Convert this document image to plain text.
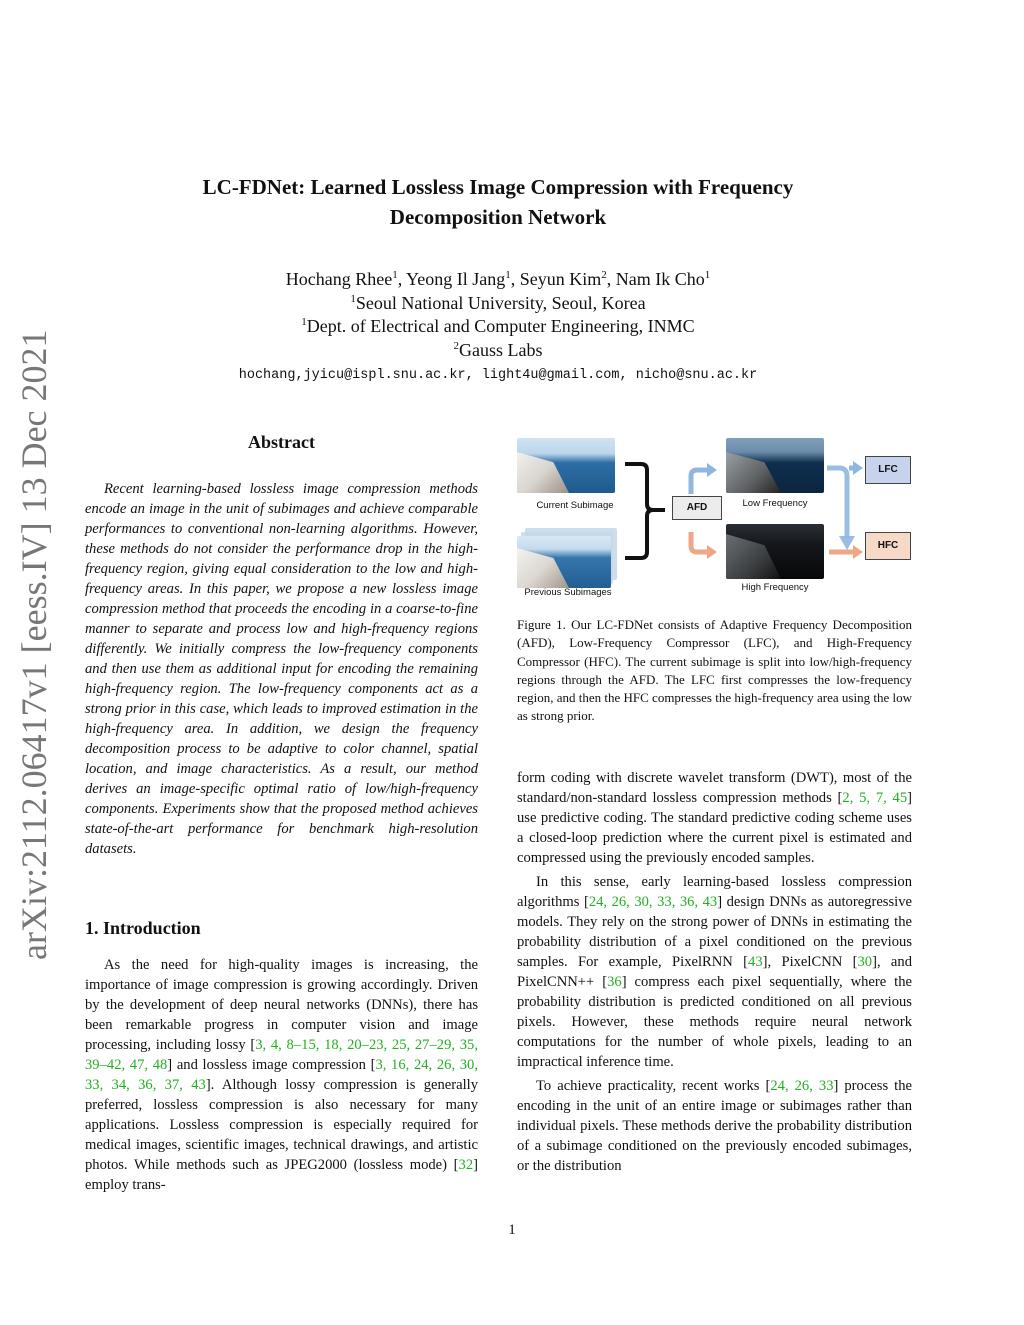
arXiv:2112.06417v1 [eess.IV] 13 Dec 2021
LC-FDNet: Learned Lossless Image Compression with Frequency
Decomposition Network
Hochang Rhee$^1$, Yeong Il Jang$^1$, Seyun Kim$^2$, Nam Ik Cho$^1$
$^1$Seoul National University, Seoul, Korea
$^1$Dept. of Electrical and Computer Engineering, INMC
$^2$Gauss Labs
hochang,jyicu@ispl.snu.ac.kr, light4u@gmail.com, nicho@snu.ac.kr
Abstract

Recent learning-based lossless image compression methods encode an image in the unit of subimages and achieve comparable performances to conventional non-learning algorithms. However, these methods do not consider the performance drop in the high-frequency region, giving equal consideration to the low and high-frequency areas. In this paper, we propose a new lossless image compression method that proceeds the encoding in a coarse-to-fine manner to separate and process low and high-frequency regions differently. We initially compress the low-frequency components and then use them as additional input for encoding the remaining high-frequency region. The low-frequency components act as a strong prior in this case, which leads to improved estimation in the high-frequency area. In addition, we design the frequency decomposition process to be adaptive to color channel, spatial location, and image characteristics. As a result, our method derives an image-specific optimal ratio of low/high-frequency components. Experiments show that the proposed method achieves state-of-the-art performance for benchmark high-resolution datasets.

1. Introduction

As the need for high-quality images is increasing, the importance of image compression is growing accordingly. Driven by the development of deep neural networks (DNNs), there has been remarkable progress in computer vision and image processing, including lossy [3, 4, 8–15, 18, 20–23, 25, 27–29, 35, 39–42, 47, 48] and lossless image compression [3, 16, 24, 26, 30, 33, 34, 36, 37, 43]. Although lossy compression is generally preferred, lossless compression is also necessary for many applications. Lossless compression is especially required for medical images, scientific images, technical drawings, and artistic photos. While methods such as JPEG2000 (lossless mode) [32] employ trans-

Current Subimage
Previous Subimages
AFD	Low Frequency
High Frequency
LFC
HFC
Figure 1. Our LC-FDNet consists of Adaptive Frequency Decomposition (AFD), Low-Frequency Compressor (LFC), and High-Frequency Compressor (HFC). The current subimage is split into low/high-frequency regions through the AFD. The LFC first compresses the low-frequency region, and then the HFC compresses the high-frequency area using the low as strong prior.

form coding with discrete wavelet transform (DWT), most of the standard/non-standard lossless compression methods [2, 5, 7, 45] use predictive coding. The standard predictive coding scheme uses a closed-loop prediction where the current pixel is estimated and compressed using the previously encoded samples.

In this sense, early learning-based lossless compression algorithms [24, 26, 30, 33, 36, 43] design DNNs as autoregressive models. They rely on the strong power of DNNs in estimating the probability distribution of a pixel conditioned on the previous samples. For example, PixelRNN [43], PixelCNN [30], and PixelCNN++ [36] compress each pixel sequentially, where the probability distribution is predicted conditioned on all previous pixels. However, these methods require neural network computations for the number of whole pixels, leading to an impractical inference time.

To achieve practicality, recent works [24, 26, 33] process the encoding in the unit of an entire image or subimages rather than individual pixels. These methods derive the probability distribution of a subimage conditioned on the previously encoded subimages, or the distribution

1
